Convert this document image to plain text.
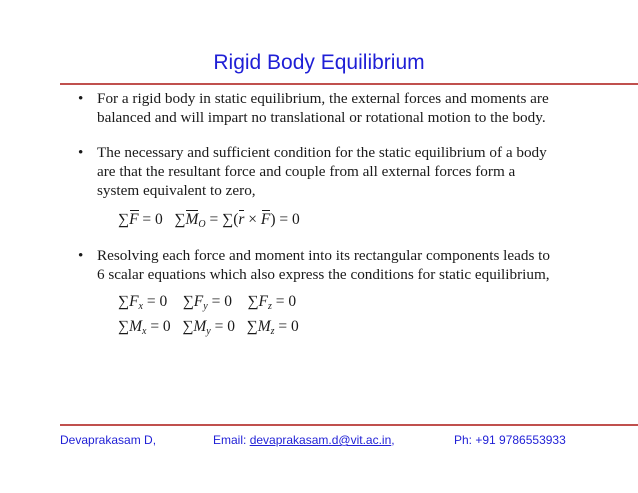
Rigid Body Equilibrium

• For a rigid body in static equilibrium, the external forces and moments are balanced and will impart no translational or rotational motion to the body.

• The necessary and sufficient condition for the static equilibrium of a body are that the resultant force and couple from all external forces form a system equivalent to zero,

∑F = 0 $\sum M_O = \sum(r \times F) = 0$

• Resolving each force and moment into its rectangular components leads to 6 scalar equations which also express the conditions for static equilibrium,

$\sum F_x = 0$ $\sum F_y = 0$ $\sum F_z = 0$
$\sum M_x = 0$ $\sum M_y = 0$ $\sum M_z = 0$
Devaprakasam D,	Email: devaprakasam.d@vit.ac.in,	Ph: +91 9786553933
